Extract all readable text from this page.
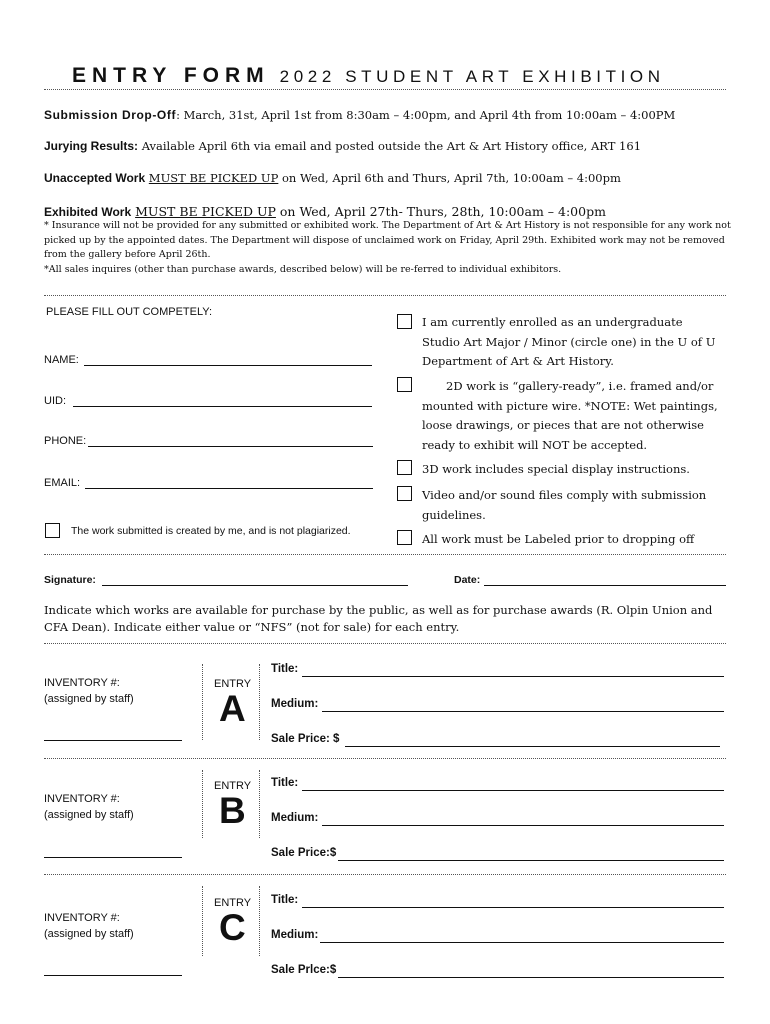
ENTRY FORM 2022 STUDENT ART EXHIBITION
Submission Drop-Off: March, 31st, April 1st from 8:30am – 4:00pm, and April 4th from 10:00am – 4:00PM
Jurying Results: Available April 6th via email and posted outside the Art & Art History office, ART 161
Unaccepted Work MUST BE PICKED UP on Wed, April 6th and Thurs, April 7th, 10:00am – 4:00pm
Exhibited Work MUST BE PICKED UP on Wed, April 27th- Thurs, 28th, 10:00am – 4:00pm
* Insurance will not be provided for any submitted or exhibited work. The Department of Art & Art History is not responsible for any work not picked up by the appointed dates. The Department will dispose of unclaimed work on Friday, April 29th. Exhibited work may not be removed from the gallery before April 26th.
*All sales inquires (other than purchase awards, described below) will be re-ferred to individual exhibitors.
PLEASE FILL OUT COMPETELY:
NAME:
UID:
PHONE:
EMAIL:
The work submitted is created by me, and is not plagiarized.
I am currently enrolled as an undergraduate Studio Art Major / Minor (circle one) in the U of U Department of Art & Art History.
2D work is “gallery-ready”, i.e. framed and/or mounted with picture wire. *NOTE: Wet paintings, loose drawings, or pieces that are not otherwise ready to exhibit will NOT be accepted.
3D work includes special display instructions.
Video and/or sound files comply with submission guidelines.
All work must be Labeled prior to dropping off
Signature:	Date:
Indicate which works are available for purchase by the public, as well as for purchase awards (R. Olpin Union and CFA Dean). Indicate either value or “NFS” (not for sale) for each entry.
INVENTORY #:
(assigned by staff)
ENTRY
A
Title:
Medium:
Sale Price: $
INVENTORY #:
(assigned by staff)
ENTRY
B
Title:
Medium:
Sale Price:$
INVENTORY #:
(assigned by staff)
ENTRY
C
Title:
Medium:
Sale Prlce:$
